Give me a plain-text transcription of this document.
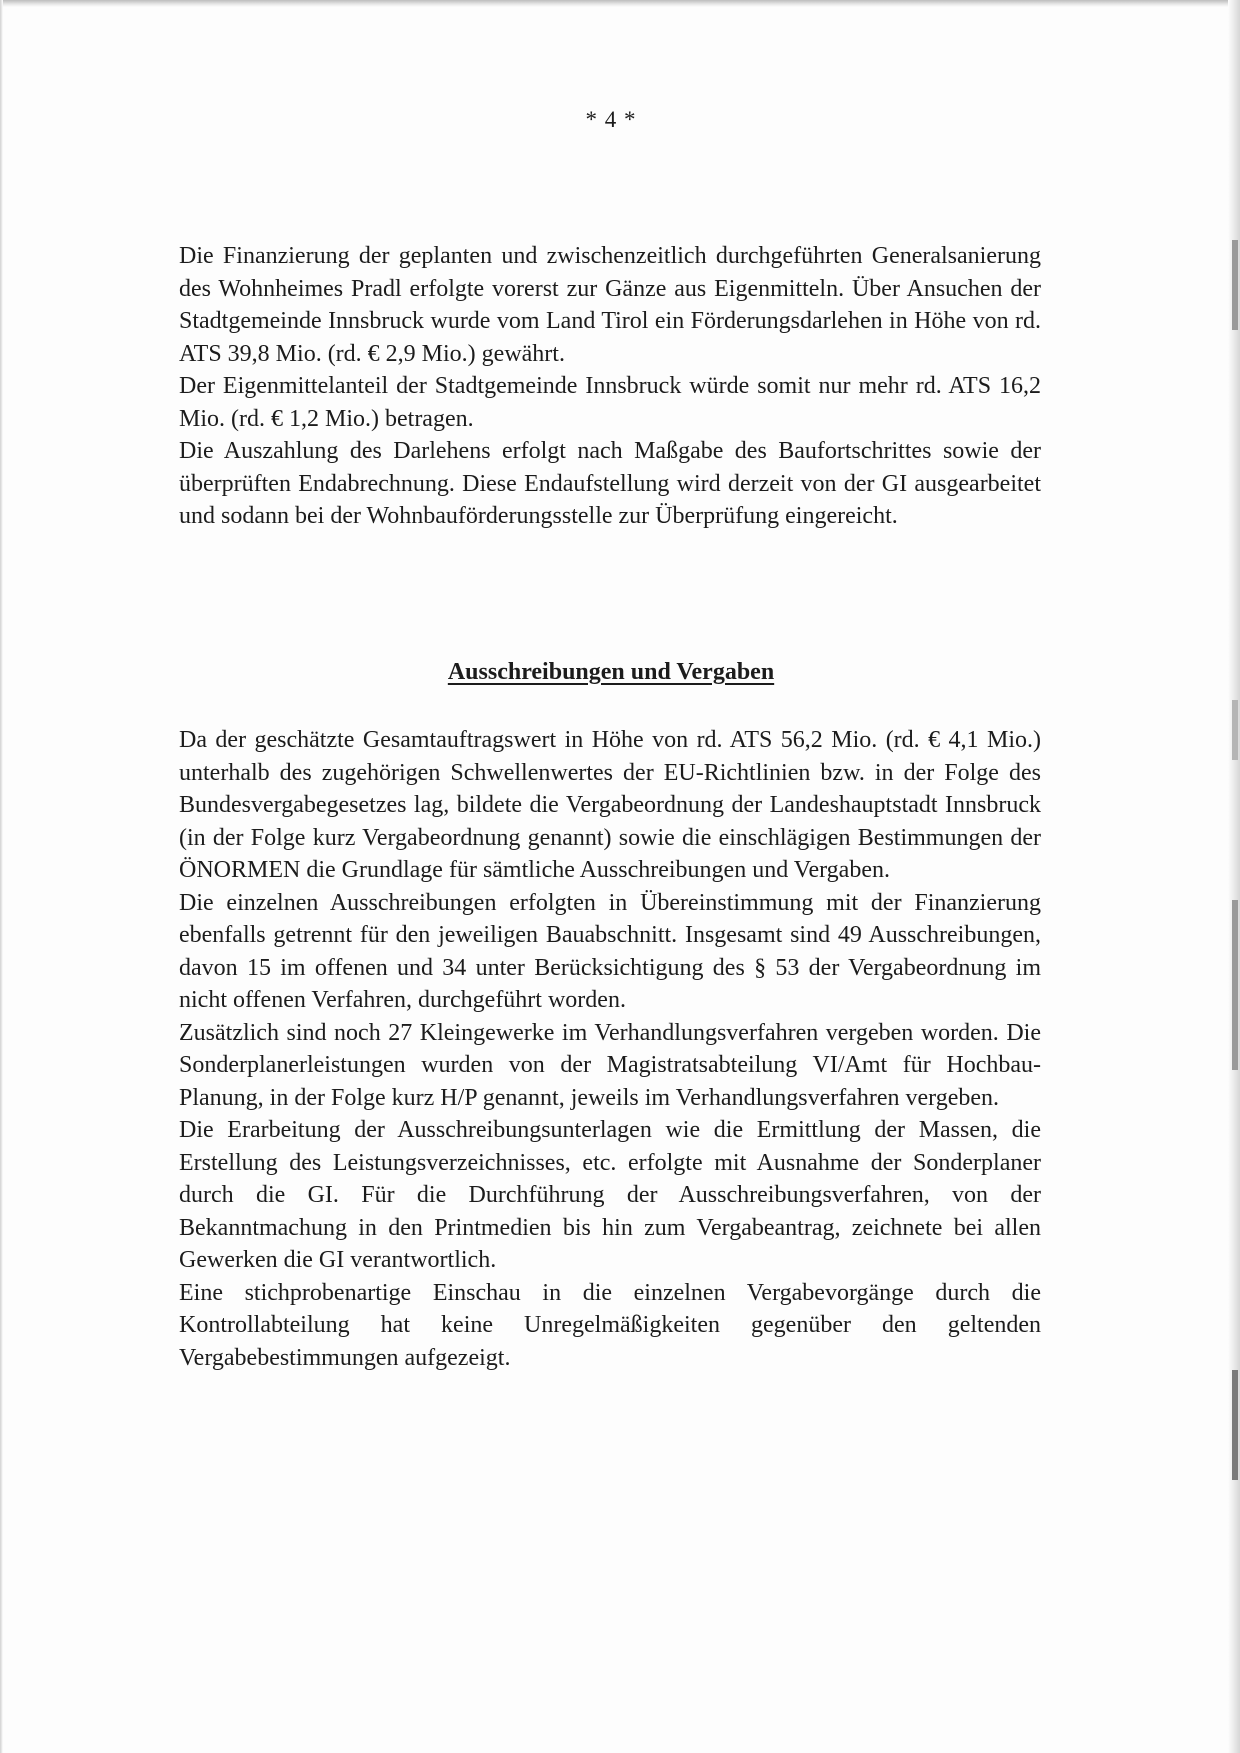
* 4 *

Die Finanzierung der geplanten und zwischenzeitlich durchgeführten Generalsanierung des Wohnheimes Pradl erfolgte vorerst zur Gänze aus Eigenmitteln. Über Ansuchen der Stadtgemeinde Innsbruck wurde vom Land Tirol ein Förderungsdarlehen in Höhe von rd. ATS 39,8 Mio. (rd. € 2,9 Mio.) gewährt.

Der Eigenmittelanteil der Stadtgemeinde Innsbruck würde somit nur mehr rd. ATS 16,2 Mio. (rd. € 1,2 Mio.) betragen.

Die Auszahlung des Darlehens erfolgt nach Maßgabe des Baufortschrittes sowie der überprüften Endabrechnung. Diese Endaufstellung wird derzeit von der GI ausgearbeitet und sodann bei der Wohnbauförderungsstelle zur Überprüfung eingereicht.

Ausschreibungen und Vergaben

Da der geschätzte Gesamtauftragswert in Höhe von rd. ATS 56,2 Mio. (rd. € 4,1 Mio.) unterhalb des zugehörigen Schwellenwertes der EU-Richtlinien bzw. in der Folge des Bundesvergabegesetzes lag, bildete die Vergabeordnung der Landeshauptstadt Innsbruck (in der Folge kurz Vergabeordnung genannt) sowie die einschlägigen Bestimmungen der ÖNORMEN die Grundlage für sämtliche Ausschreibungen und Vergaben.

Die einzelnen Ausschreibungen erfolgten in Übereinstimmung mit der Finanzierung ebenfalls getrennt für den jeweiligen Bauabschnitt. Insgesamt sind 49 Ausschreibungen, davon 15 im offenen und 34 unter Berücksichtigung des § 53 der Vergabeordnung im nicht offenen Verfahren, durchgeführt worden.

Zusätzlich sind noch 27 Kleingewerke im Verhandlungsverfahren vergeben worden. Die Sonderplanerleistungen wurden von der Magistratsabteilung VI/Amt für Hochbau-Planung, in der Folge kurz H/P genannt, jeweils im Verhandlungsverfahren vergeben.

Die Erarbeitung der Ausschreibungsunterlagen wie die Ermittlung der Massen, die Erstellung des Leistungsverzeichnisses, etc. erfolgte mit Ausnahme der Sonderplaner durch die GI. Für die Durchführung der Ausschreibungsverfahren, von der Bekanntmachung in den Printmedien bis hin zum Vergabeantrag, zeichnete bei allen Gewerken die GI verantwortlich.

Eine stichprobenartige Einschau in die einzelnen Vergabevorgänge durch die Kontrollabteilung hat keine Unregelmäßigkeiten gegenüber den geltenden Vergabebestimmungen aufgezeigt.
